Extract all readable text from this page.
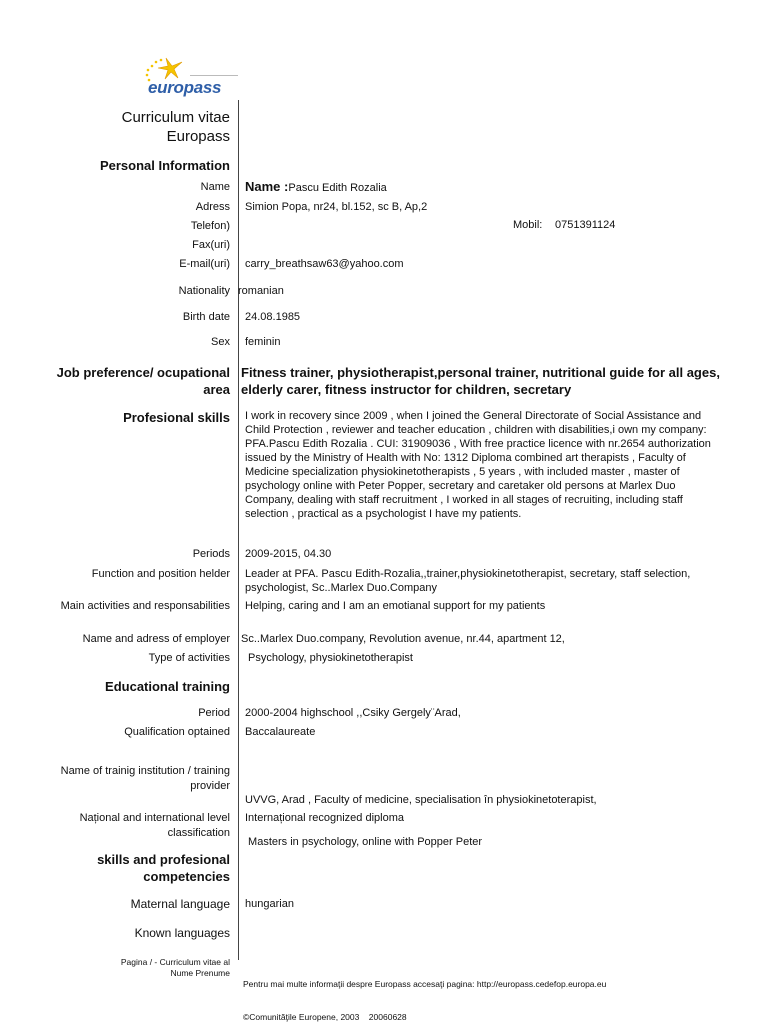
europass
Curriculum vitae
Europass
Personal Information
Name Name :Pascu Edith Rozalia
Adress Simion Popa, nr24, bl.152, sc B, Ap,2
Telefon)	Mobil: 0751391124
Fax(uri)
E-mail(uri) carry_breathsaw63@yahoo.com
Nationality romanian
Birth date 24.08.1985
Sex feminin
Job preference/ ocupational
area
Fitness trainer, physiotherapist,personal trainer, nutritional guide for all ages,
elderly carer, fitness instructor for children, secretary
Profesional skills I work in recovery since 2009 , when I joined the General Directorate of Social Assistance and Child Protection , reviewer and teacher education , children with disabilities,i own my company: PFA.Pascu Edith Rozalia . CUI: 31909036 , With free practice licence with nr.2654 authorization issued by the Ministry of Health with No: 1312 Diploma combined art therapists , Faculty of Medicine specialization physiokinetotherapists , 5 years , with included master , master of psychology online with Peter Popper, secretary and caretaker old persons at Marlex Duo Company, dealing with staff recruitment , I worked in all stages of recruiting, including staff selection , practical as a psychologist I have my patients.
Periods 2009-2015, 04.30
Function and position helder Leader at PFA. Pascu Edith-Rozalia,,trainer,physiokinetotherapist, secretary, staff selection, psychologist, Sc..Marlex Duo.Company
Main activities and responsabilities Helping, caring and I am an emotianal support for my patients
Name and adress of employer Sc..Marlex Duo.company, Revolution avenue, nr.44, apartment 12,
Type of activities Psychology, physiokinetotherapist
Educational training
Period 2000-2004 highschool ,,Csiky Gergely¨Arad,
Qualification optained Baccalaureate
Name of trainig institution / training
provider

UVVG, Arad , Faculty of medicine, specialisation în physiokinetoterapist,

Masters in psychology, online with Popper Peter

Național and international level
classification
Internațional recognized diploma
skills and profesional
competencies
Maternal language hungarian
Known languages
Pagina / - Curriculum vitae al
Nume Prenume

Pentru mai multe informaţii despre Europass accesaţi pagina: http://europass.cedefop.europa.eu

©Comunităţile Europene, 2003    20060628
